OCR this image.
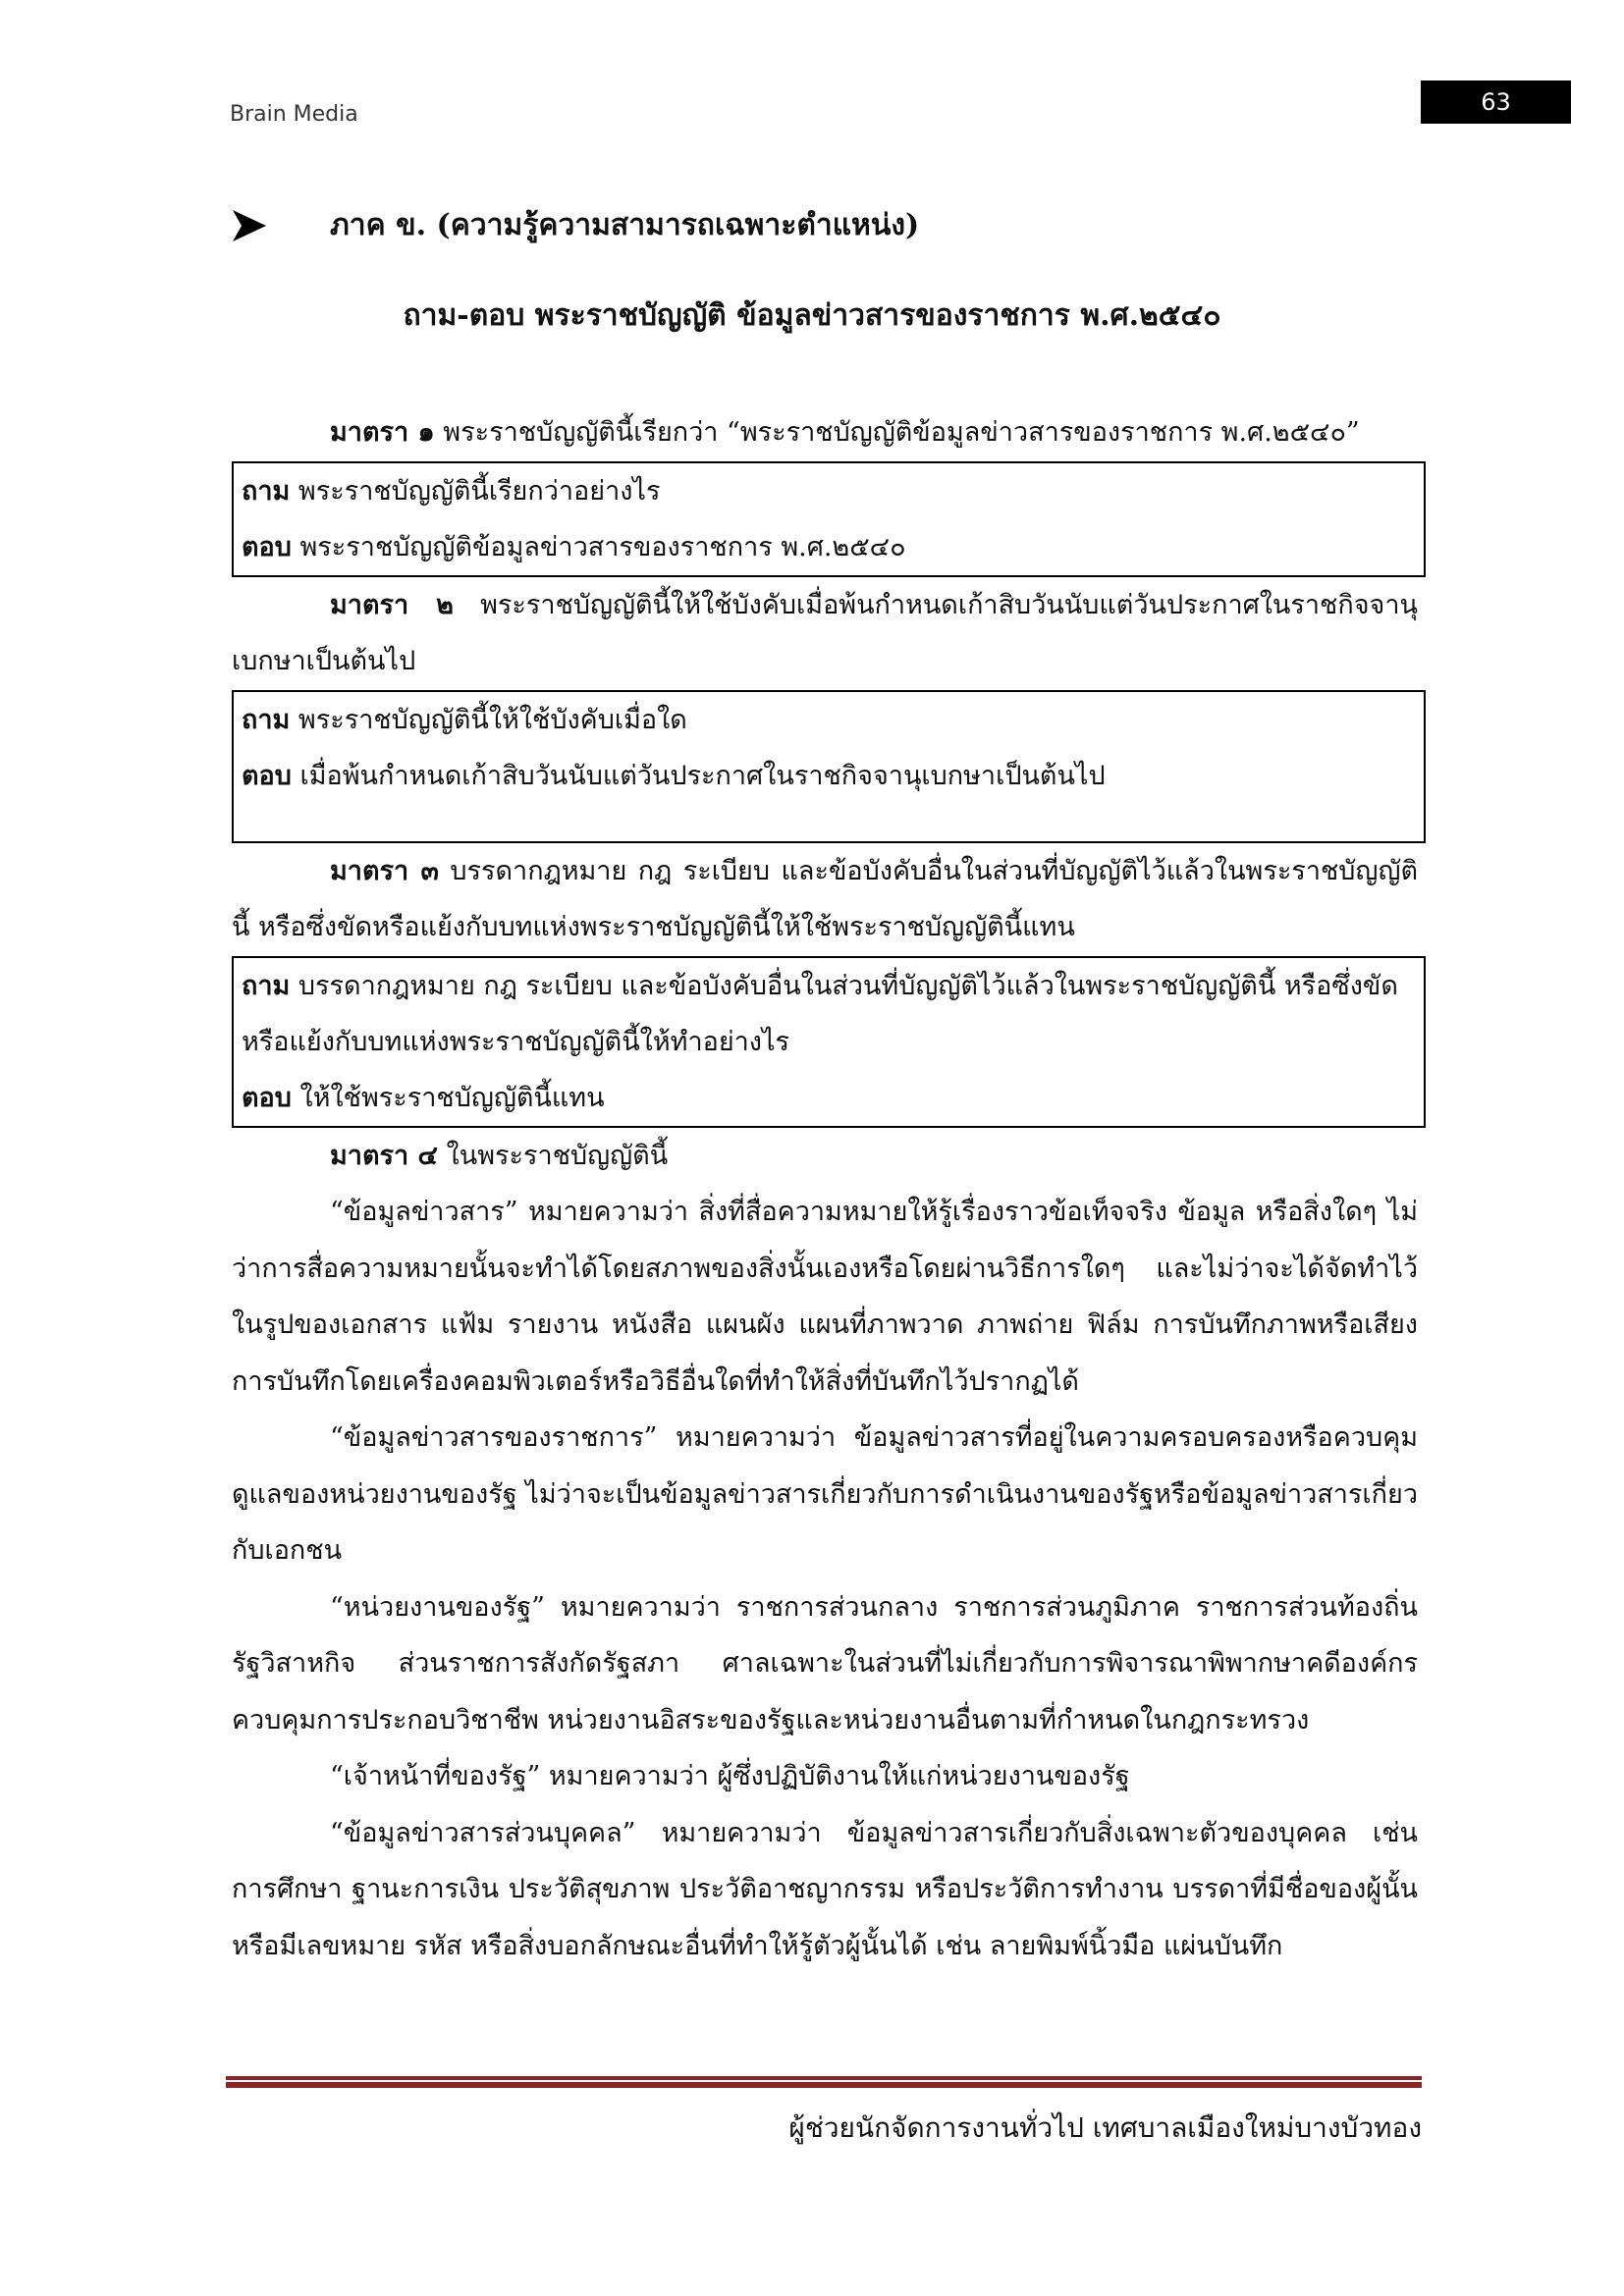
Brain Media	63
ภาค ข. (ความรู้ความสามารถเฉพาะตำแหน่ง)
ถาม-ตอบ พระราชบัญญัติ ข้อมูลข่าวสารของราชการ พ.ศ.๒๕๔๐

มาตรา ๑ พระราชบัญญัตินี้เรียกว่า “พระราชบัญญัติข้อมูลข่าวสารของราชการ พ.ศ.๒๕๔๐”

ถาม พระราชบัญญัตินี้เรียกว่าอย่างไร

ตอบ พระราชบัญญัติข้อมูลข่าวสารของราชการ พ.ศ.๒๕๔๐

มาตรา ๒ พระราชบัญญัตินี้ให้ใช้บังคับเมื่อพ้นกำหนดเก้าสิบวันนับแต่วันประกาศในราชกิจจานุเบกษาเป็นต้นไป

ถาม พระราชบัญญัตินี้ให้ใช้บังคับเมื่อใด

ตอบ เมื่อพ้นกำหนดเก้าสิบวันนับแต่วันประกาศในราชกิจจานุเบกษาเป็นต้นไป

มาตรา ๓ บรรดากฎหมาย กฎ ระเบียบ และข้อบังคับอื่นในส่วนที่บัญญัติไว้แล้วในพระราชบัญญัตินี้ หรือซึ่งขัดหรือแย้งกับบทแห่งพระราชบัญญัตินี้ให้ใช้พระราชบัญญัตินี้แทน

ถาม บรรดากฎหมาย กฎ ระเบียบ และข้อบังคับอื่นในส่วนที่บัญญัติไว้แล้วในพระราชบัญญัตินี้ หรือซึ่งขัดหรือแย้งกับบทแห่งพระราชบัญญัตินี้ให้ทำอย่างไร

ตอบ ให้ใช้พระราชบัญญัตินี้แทน

มาตรา ๔ ในพระราชบัญญัตินี้

“ข้อมูลข่าวสาร” หมายความว่า สิ่งที่สื่อความหมายให้รู้เรื่องราวข้อเท็จจริง ข้อมูล หรือสิ่งใดๆ ไม่ว่าการสื่อความหมายนั้นจะทำได้โดยสภาพของสิ่งนั้นเองหรือโดยผ่านวิธีการใดๆ และไม่ว่าจะได้จัดทำไว้ในรูปของเอกสาร แฟ้ม รายงาน หนังสือ แผนผัง แผนที่ภาพวาด ภาพถ่าย ฟิล์ม การบันทึกภาพหรือเสียง การบันทึกโดยเครื่องคอมพิวเตอร์หรือวิธีอื่นใดที่ทำให้สิ่งที่บันทึกไว้ปรากฏได้

“ข้อมูลข่าวสารของราชการ” หมายความว่า ข้อมูลข่าวสารที่อยู่ในความครอบครองหรือควบคุมดูแลของหน่วยงานของรัฐ ไม่ว่าจะเป็นข้อมูลข่าวสารเกี่ยวกับการดำเนินงานของรัฐหรือข้อมูลข่าวสารเกี่ยวกับเอกชน

“หน่วยงานของรัฐ” หมายความว่า ราชการส่วนกลาง ราชการส่วนภูมิภาค ราชการส่วนท้องถิ่น รัฐวิสาหกิจ ส่วนราชการสังกัดรัฐสภา ศาลเฉพาะในส่วนที่ไม่เกี่ยวกับการพิจารณาพิพากษาคดีองค์กรควบคุมการประกอบวิชาชีพ หน่วยงานอิสระของรัฐและหน่วยงานอื่นตามที่กำหนดในกฎกระทรวง

“เจ้าหน้าที่ของรัฐ” หมายความว่า ผู้ซึ่งปฏิบัติงานให้แก่หน่วยงานของรัฐ

“ข้อมูลข่าวสารส่วนบุคคล” หมายความว่า ข้อมูลข่าวสารเกี่ยวกับสิ่งเฉพาะตัวของบุคคล เช่น การศึกษา ฐานะการเงิน ประวัติสุขภาพ ประวัติอาชญากรรม หรือประวัติการทำงาน บรรดาที่มีชื่อของผู้นั้นหรือมีเลขหมาย รหัส หรือสิ่งบอกลักษณะอื่นที่ทำให้รู้ตัวผู้นั้นได้ เช่น ลายพิมพ์นิ้วมือ แผ่นบันทึก

ผู้ช่วยนักจัดการงานทั่วไป เทศบาลเมืองใหม่บางบัวทอง
